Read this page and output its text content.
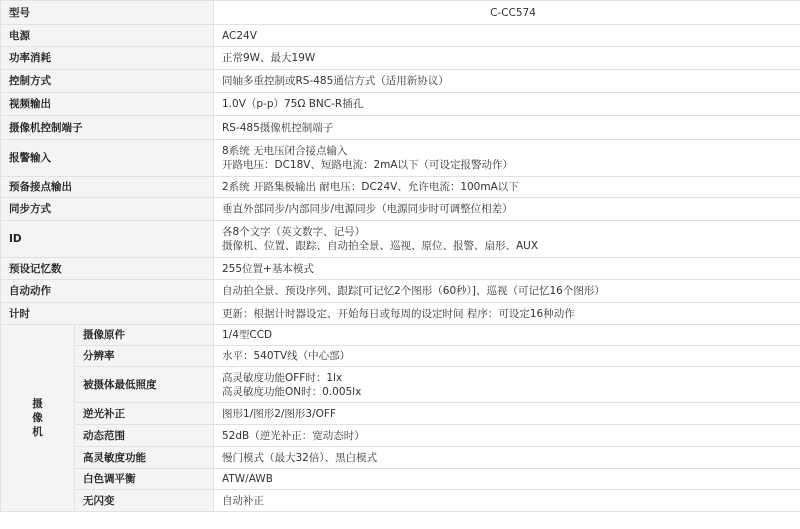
型号		C-CC574
电源		AC24V

功率消耗		正常9W、最大19W

控制方式		同轴多重控制或RS-485通信方式（适用新协议）

视频输出		1.0V（p-p）75Ω BNC-R插孔

摄像机控制端子		RS-485摄像机控制端子

报警输入		8系统 无电压闭合接点输入
开路电压：DC18V、短路电流：2mA以下（可设定报警动作）

预备接点输出		2系统 开路集极输出 耐电压：DC24V、允许电流：100mA以下

同步方式		垂直外部同步/内部同步/电源同步（电源同步时可调整位相差）

ID		各8个文字（英文数字、记号）
摄像机、位置、跟踪、自动拍全景、巡视、原位、报警、扇形、AUX

预设记忆数		255位置+基本模式

自动动作		自动拍全景、预设序列、跟踪[可记忆2个图形（60秒）]、巡视（可记忆16个图形）

计时		更新：根据计时器设定、开始每日或每周的设定时间 程序：可设定16种动作

摄
像
机	摄像原件	1/4型CCD

	分辨率	水平：540TV线（中心部）

	被摄体最低照度	高灵敏度功能OFF时：1lx
高灵敏度功能ON时：0.005lx

	逆光补正	图形1/图形2/图形3/OFF

	动态范围	52dB（逆光补正：宽动态时）

	高灵敏度功能	慢门模式（最大32倍）、黑白模式

	白色调平衡	ATW/AWB

	无闪变	自动补正
